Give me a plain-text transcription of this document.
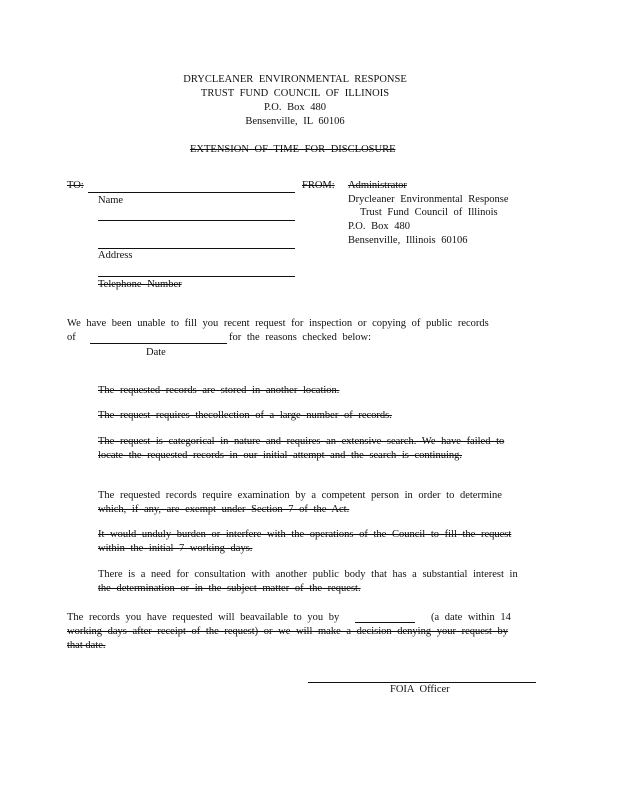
DRYCLEANER ENVIRONMENTAL RESPONSE
TRUST FUND COUNCIL OF ILLINOIS
P.O. Box 480
Bensenville, IL 60106
EXTENSION OF TIME FOR DISCLOSURE
TO:
Name
Address
Telephone Number
FROM: Administrator
Drycleaner Environmental Response
Trust Fund Council of Illinois
P.O. Box 480
Bensenville, Illinois 60106
We have been unable to fill you recent request for inspection or copying of public records
of	for the reasons checked below:
Date
The requested records are stored in another location.
The request requires thecollection of a large number of records.
The request is categorical in nature and requires an extensive search. We have failed to
locate the requested records in our initial attempt and the search is continuing.
The requested records require examination by a competent person in order to determine
which, if any, are exempt under Section 7 of the Act.
It would unduly burden or interfere with the operations of the Council to fill the request
within the initial 7 working days.
There is a need for consultation with another public body that has a substantial interest in
the determination or in the subject matter of the request.
The records you have requested will beavailable to you by	(a date within 14
working days after receipt of the request) or we will make a decision denying your request by
that date.
FOIA Officer
